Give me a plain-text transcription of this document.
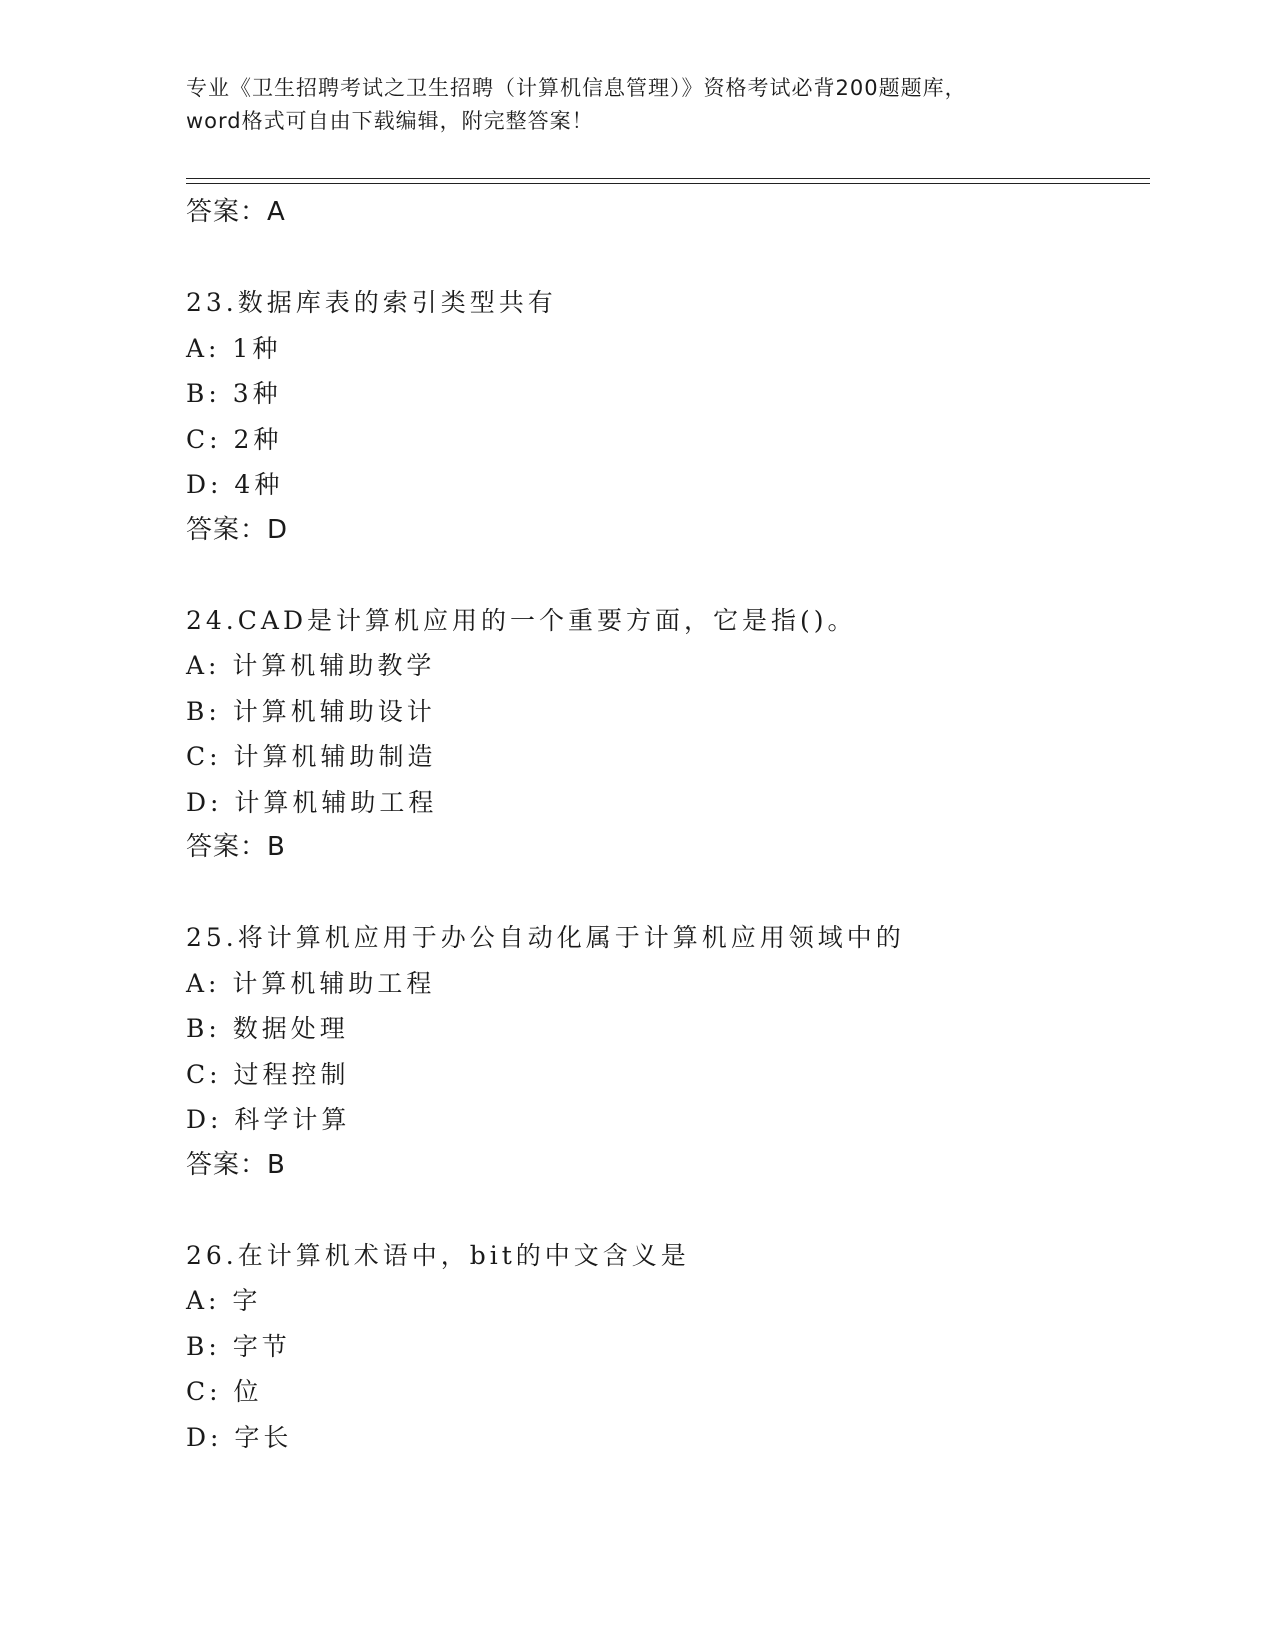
专业《卫生招聘考试之卫生招聘（计算机信息管理）》资格考试必背200题题库，
word格式可自由下载编辑，附完整答案！
答案：A
23.数据库表的索引类型共有
A: 1种
B: 3种
C: 2种
D: 4种
答案：D
24.CAD是计算机应用的一个重要方面，它是指()。
A: 计算机辅助教学
B: 计算机辅助设计
C: 计算机辅助制造
D: 计算机辅助工程
答案：B
25.将计算机应用于办公自动化属于计算机应用领域中的
A: 计算机辅助工程
B: 数据处理
C: 过程控制
D: 科学计算
答案：B
26.在计算机术语中，bit的中文含义是
A: 字
B: 字节
C: 位
D: 字长
